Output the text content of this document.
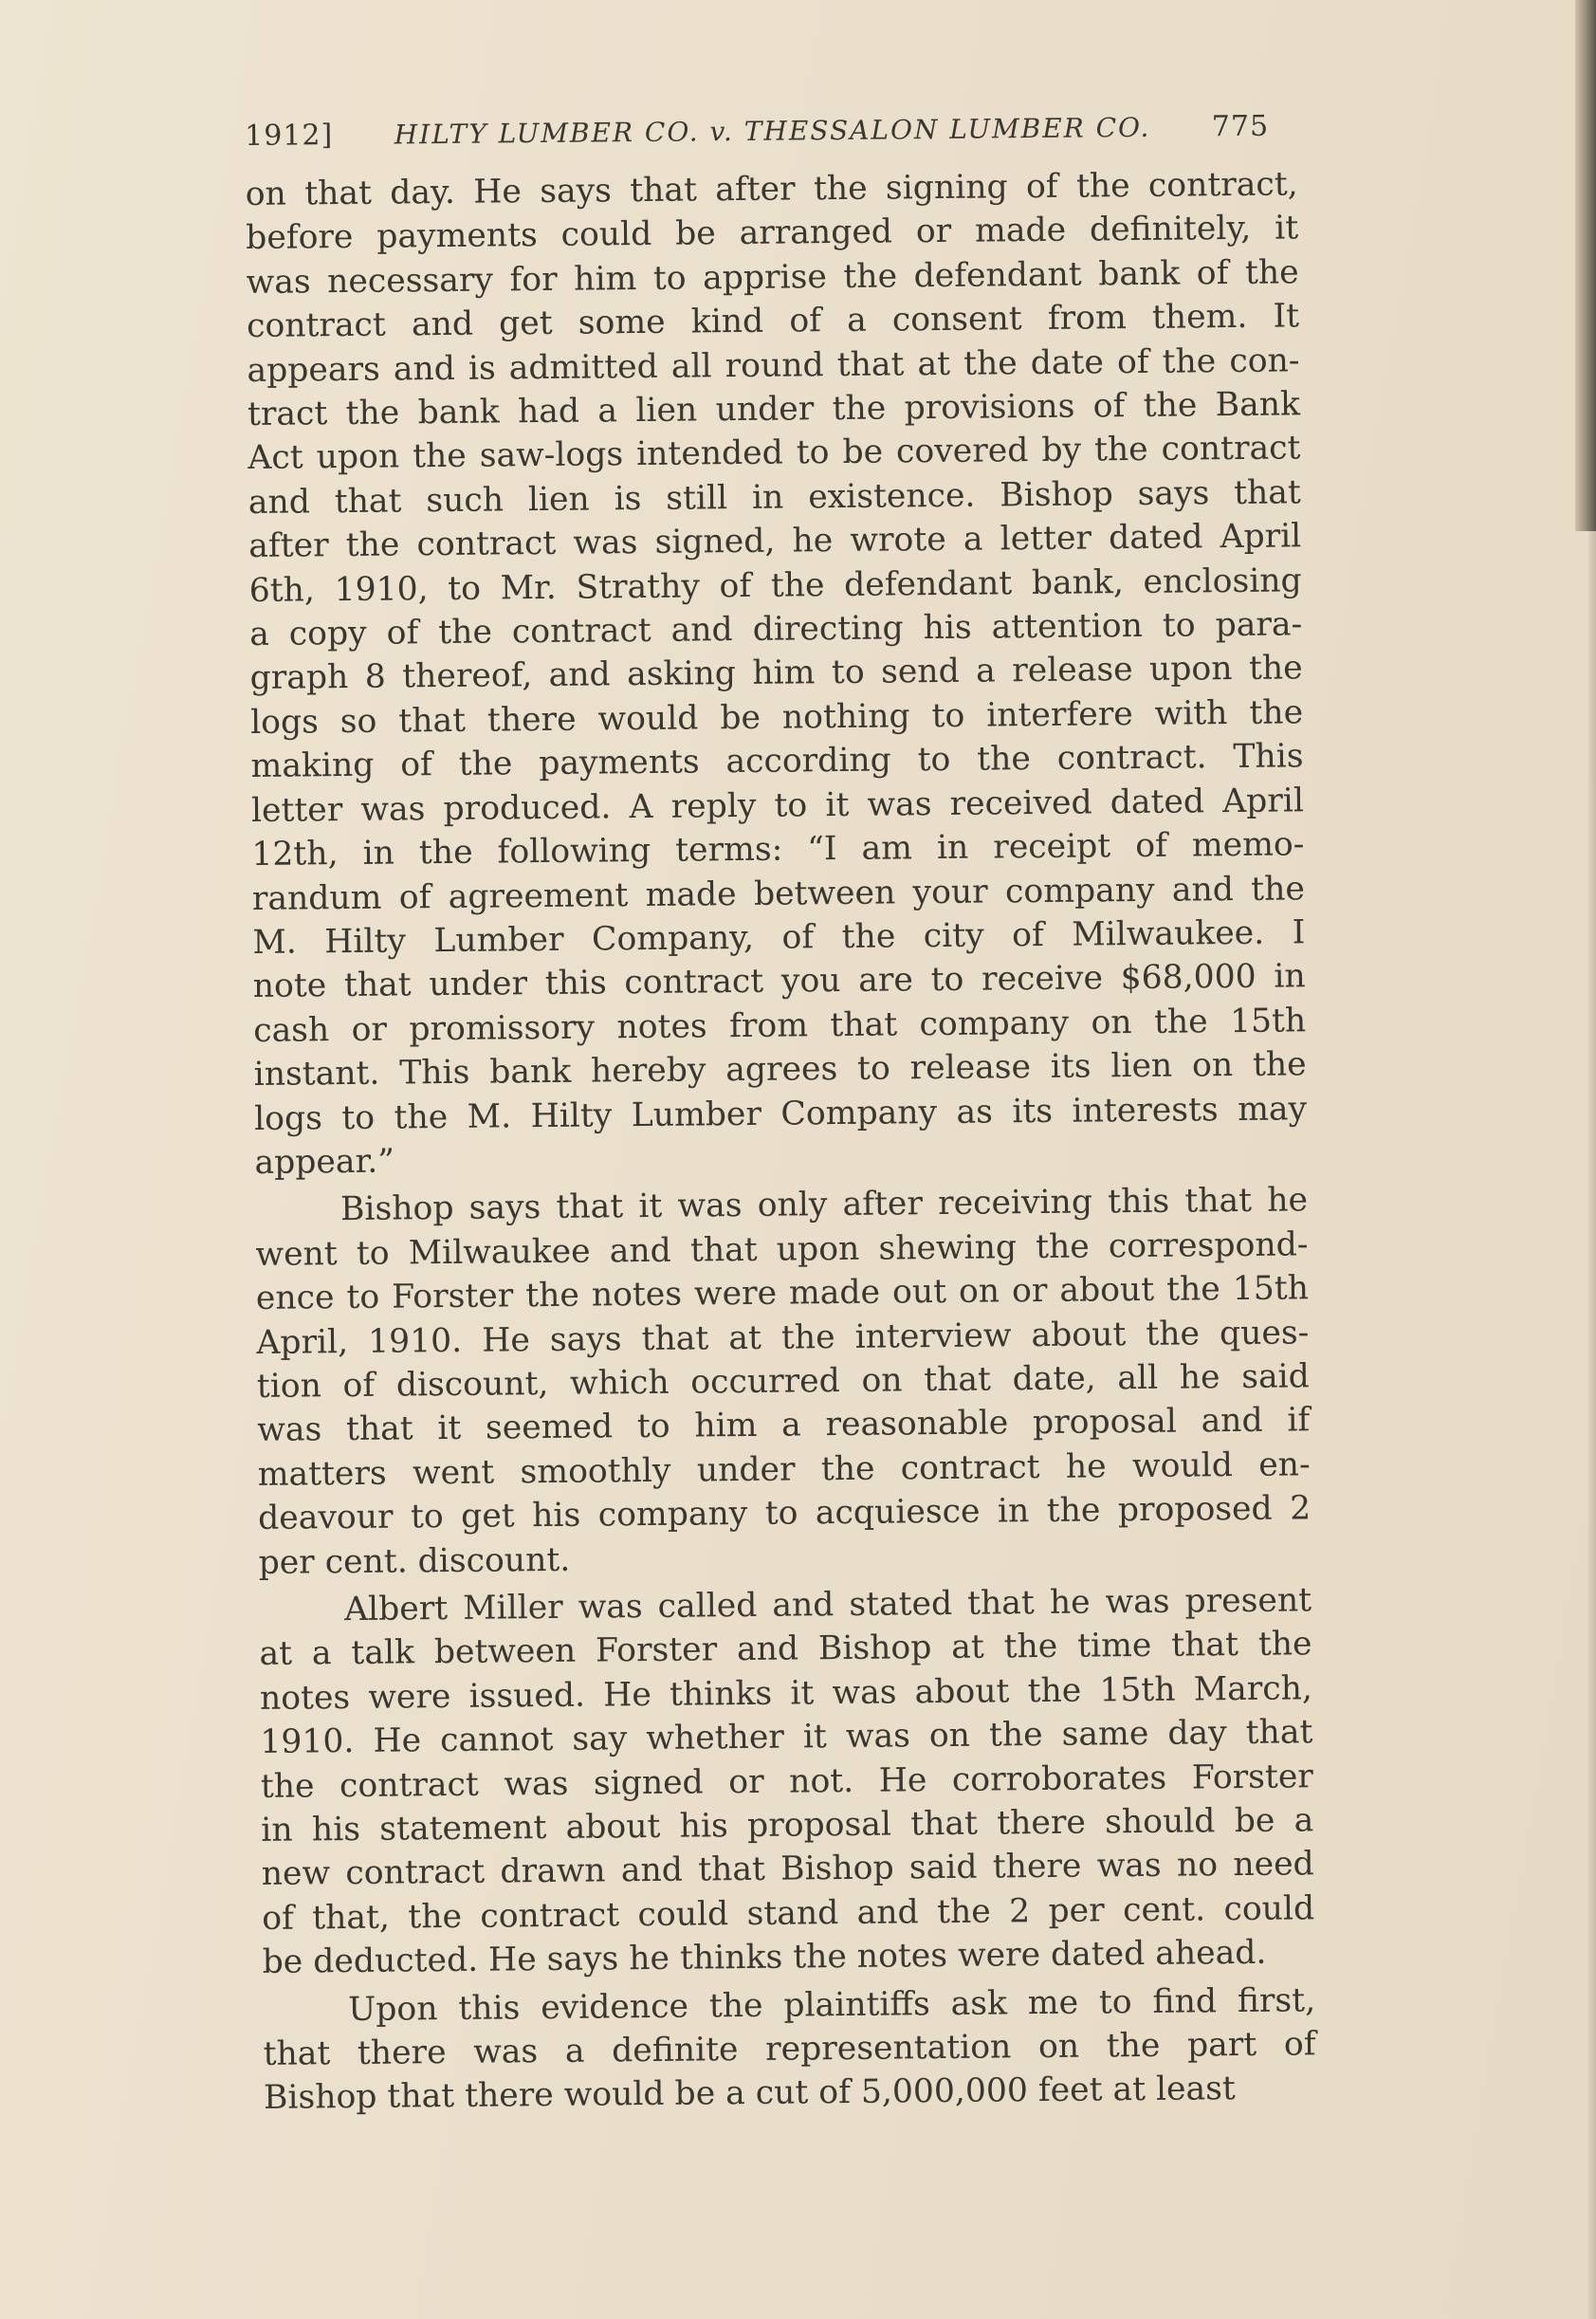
1912] HILTY LUMBER CO. v. THESSALON LUMBER CO. 775
on that day. He says that after the signing of the contract,
before payments could be arranged or made definitely, it
was necessary for him to apprise the defendant bank of the
contract and get some kind of a consent from them. It
appears and is admitted all round that at the date of the con-
tract the bank had a lien under the provisions of the Bank
Act upon the saw-logs intended to be covered by the contract
and that such lien is still in existence. Bishop says that
after the contract was signed, he wrote a letter dated April
6th, 1910, to Mr. Strathy of the defendant bank, enclosing
a copy of the contract and directing his attention to para-
graph 8 thereof, and asking him to send a release upon the
logs so that there would be nothing to interfere with the
making of the payments according to the contract. This
letter was produced. A reply to it was received dated April
12th, in the following terms: “I am in receipt of memo-
randum of agreement made between your company and the
M. Hilty Lumber Company, of the city of Milwaukee. I
note that under this contract you are to receive $68,000 in
cash or promissory notes from that company on the 15th
instant. This bank hereby agrees to release its lien on the
logs to the M. Hilty Lumber Company as its interests may
appear.”
Bishop says that it was only after receiving this that he
went to Milwaukee and that upon shewing the correspond-
ence to Forster the notes were made out on or about the 15th
April, 1910. He says that at the interview about the ques-
tion of discount, which occurred on that date, all he said
was that it seemed to him a reasonable proposal and if
matters went smoothly under the contract he would en-
deavour to get his company to acquiesce in the proposed 2
per cent. discount.
Albert Miller was called and stated that he was present
at a talk between Forster and Bishop at the time that the
notes were issued. He thinks it was about the 15th March,
1910. He cannot say whether it was on the same day that
the contract was signed or not. He corroborates Forster
in his statement about his proposal that there should be a
new contract drawn and that Bishop said there was no need
of that, the contract could stand and the 2 per cent. could
be deducted. He says he thinks the notes were dated ahead.
Upon this evidence the plaintiffs ask me to find first,
that there was a definite representation on the part of
Bishop that there would be a cut of 5,000,000 feet at least
